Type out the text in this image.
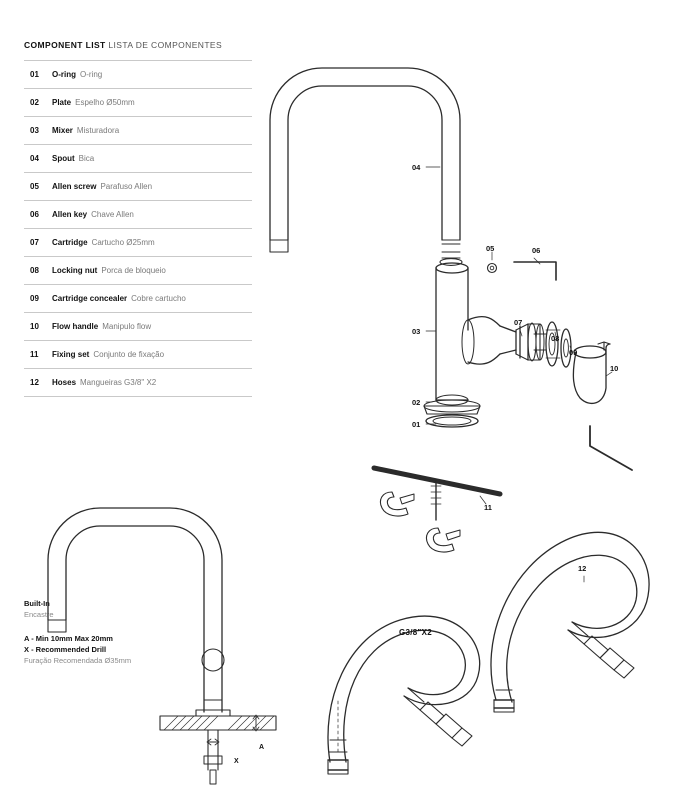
COMPONENT LIST LISTA DE COMPONENTES
01	O-ring O-ring
02	Plate Espelho Ø50mm
03	Mixer Misturadora
04	Spout Bica
05	Allen screw Parafuso Allen
06	Allen key Chave Allen
07	Cartridge Cartucho Ø25mm
08	Locking nut Porca de bloqueio
09	Cartridge concealer Cobre cartucho
10	Flow handle Manipulo flow
11	Fixing set Conjunto de fixação
12	Hoses Mangueiras G3/8" X2
Built-In
Encastre
A - Min 10mm Max 20mm
X - Recommended Drill
Furação Recomendada Ø35mm
04
03
02
01
05	06
07
08
09
10
11
12
G3/8"X2
A
X
